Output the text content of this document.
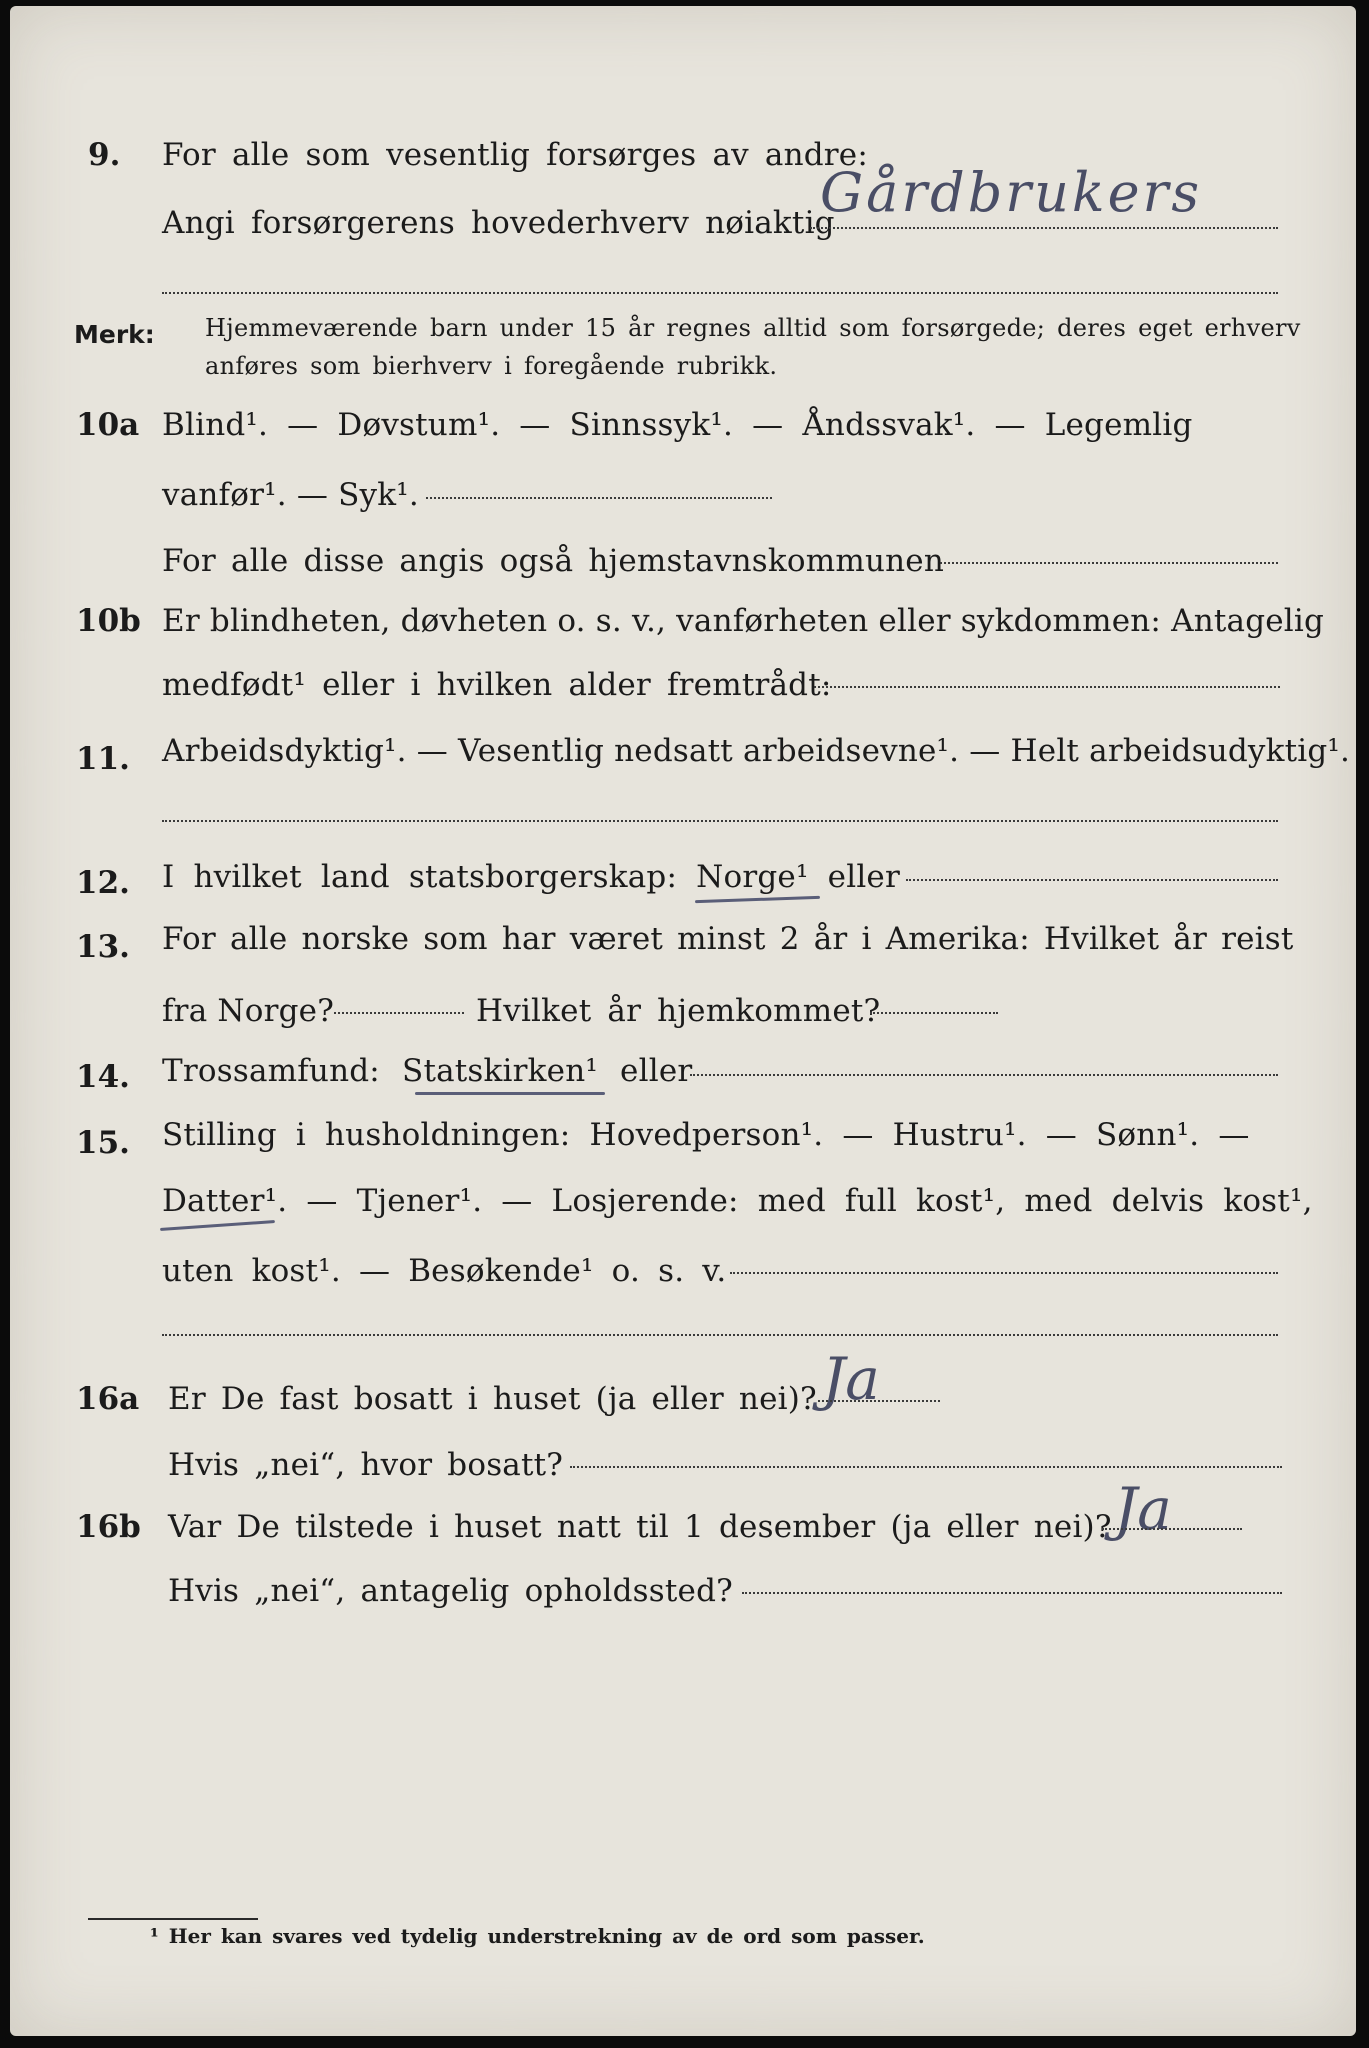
9. For alle som vesentlig forsørges av andre:
Angi forsørgerens hovederhverv nøiaktig
Gårdbrukers
Merk: Hjemmeværende barn under 15 år regnes alltid som forsørgede; deres eget erhverv
anføres som bierhverv i foregående rubrikk.
10a Blind¹. — Døvstum¹. — Sinnssyk¹. — Åndssvak¹. — Legemlig
vanfør¹. — Syk¹.
For alle disse angis også hjemstavnskommunen
10b Er blindheten, døvheten o. s. v., vanførheten eller sykdommen: Antagelig
medfødt¹ eller i hvilken alder fremtrådt:
11. Arbeidsdyktig¹. — Vesentlig nedsatt arbeidsevne¹. — Helt arbeidsudyktig¹.
12. I hvilket land statsborgerskap: Norge¹ eller
13. For alle norske som har været minst 2 år i Amerika: Hvilket år reist
fra Norge?	Hvilket år hjemkommet?
14. Trossamfund: Statskirken¹ eller
15. Stilling i husholdningen: Hovedperson¹. — Hustru¹. — Sønn¹. —
Datter¹. — Tjener¹. — Losjerende: med full kost¹, med delvis kost¹,
uten kost¹. — Besøkende¹ o. s. v.
16a Er De fast bosatt i huset (ja eller nei)? Ja
Hvis „nei“, hvor bosatt?
16b Var De tilstede i huset natt til 1 desember (ja eller nei)? Ja
Hvis „nei“, antagelig opholdssted?
¹ Her kan svares ved tydelig understrekning av de ord som passer.
